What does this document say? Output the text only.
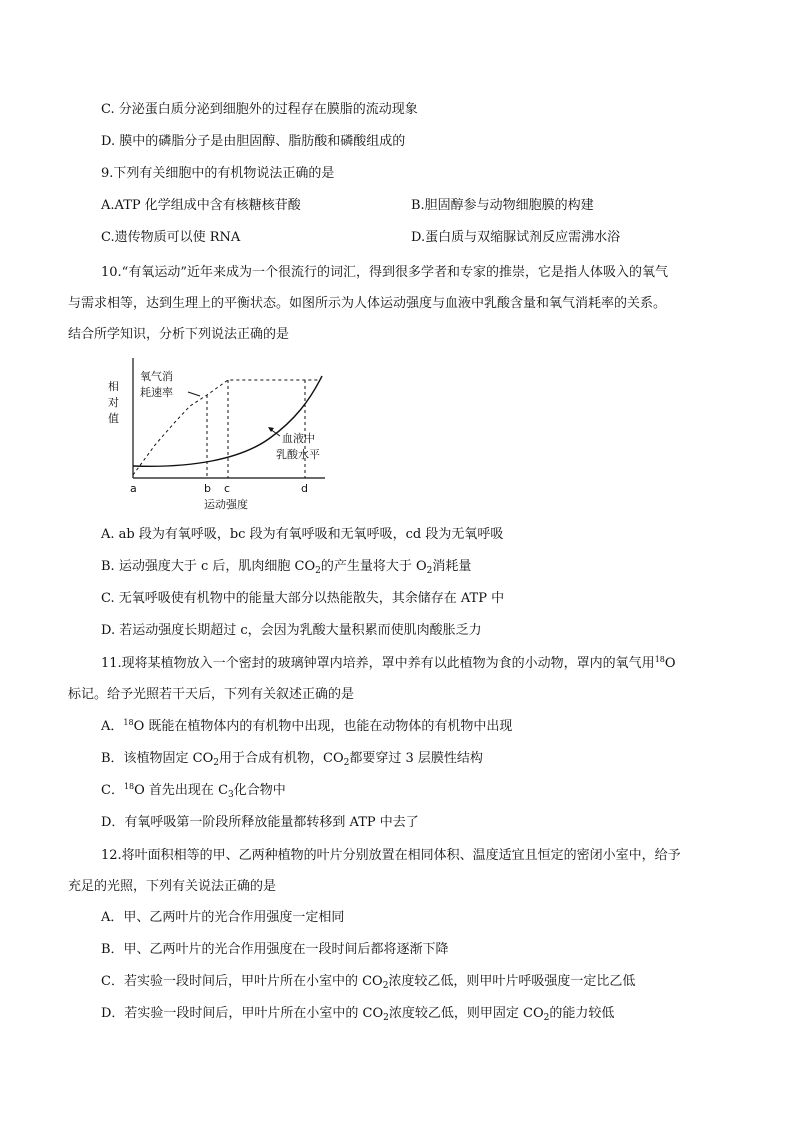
C. 分泌蛋白质分泌到细胞外的过程存在膜脂的流动现象
D. 膜中的磷脂分子是由胆固醇、脂肪酸和磷酸组成的
9.下列有关细胞中的有机物说法正确的是
A.ATP 化学组成中含有核糖核苷酸	B.胆固醇参与动物细胞膜的构建
C.遗传物质可以使 RNA	D.蛋白质与双缩脲试剂反应需沸水浴
10.“有氧运动”近年来成为一个很流行的词汇，得到很多学者和专家的推崇，它是指人体吸入的氧气
与需求相等，达到生理上的平衡状态。如图所示为人体运动强度与血液中乳酸含量和氧气消耗率的关系。
结合所学知识，分析下列说法正确的是
相
对
值
氧气消
耗速率
血液中
乳酸水平
a	b c	d
运动强度
A. ab 段为有氧呼吸，bc 段为有氧呼吸和无氧呼吸，cd 段为无氧呼吸
B. 运动强度大于 c 后，肌肉细胞 $CO_2$的产生量将大于 $O_2$消耗量
C. 无氧呼吸使有机物中的能量大部分以热能散失，其余储存在 ATP 中
D. 若运动强度长期超过 c，会因为乳酸大量积累而使肌肉酸胀乏力
11.现将某植物放入一个密封的玻璃钟罩内培养，罩中养有以此植物为食的小动物，罩内的氧气用$^{18}$O
标记。给予光照若干天后，下列有关叙述正确的是
A．$^{18}$O 既能在植物体内的有机物中出现，也能在动物体的有机物中出现
B．该植物固定 $CO_2$用于合成有机物，$CO_2$都要穿过 3 层膜性结构
C．$^{18}$O 首先出现在 $C_3$化合物中
D．有氧呼吸第一阶段所释放能量都转移到 ATP 中去了
12.将叶面积相等的甲、乙两种植物的叶片分别放置在相同体积、温度适宜且恒定的密闭小室中，给予
充足的光照，下列有关说法正确的是
A．甲、乙两叶片的光合作用强度一定相同
B．甲、乙两叶片的光合作用强度在一段时间后都将逐渐下降
C．若实验一段时间后，甲叶片所在小室中的 $CO_2$浓度较乙低，则甲叶片呼吸强度一定比乙低
D．若实验一段时间后，甲叶片所在小室中的 $CO_2$浓度较乙低，则甲固定 $CO_2$的能力较低
